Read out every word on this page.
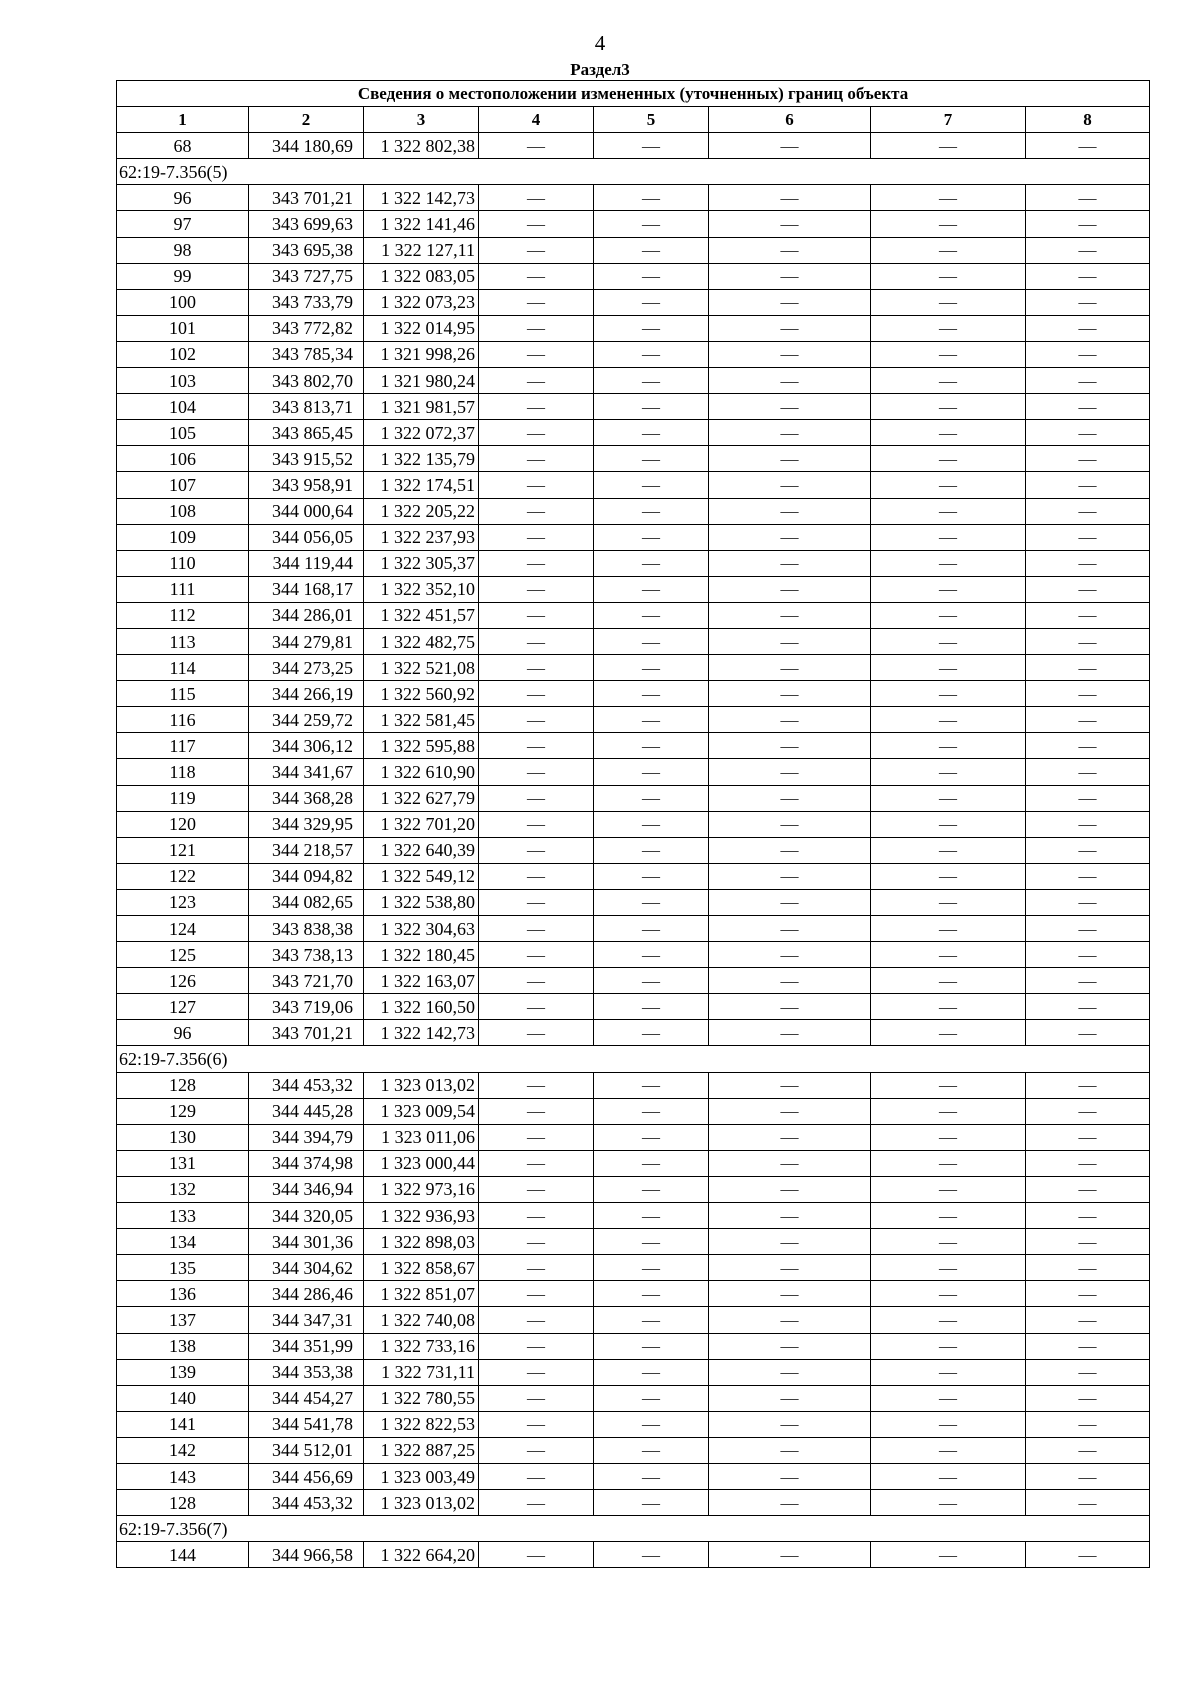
4
Раздел3
Сведения о местоположении измененных (уточненных) границ объекта							
1	2	3	4	5	6	7	8
68	344 180,69	1 322 802,38	—	—	—	—	—
62:19-7.356(5)							
96	343 701,21	1 322 142,73	—	—	—	—	—
97	343 699,63	1 322 141,46	—	—	—	—	—
98	343 695,38	1 322 127,11	—	—	—	—	—
99	343 727,75	1 322 083,05	—	—	—	—	—
100	343 733,79	1 322 073,23	—	—	—	—	—
101	343 772,82	1 322 014,95	—	—	—	—	—
102	343 785,34	1 321 998,26	—	—	—	—	—
103	343 802,70	1 321 980,24	—	—	—	—	—
104	343 813,71	1 321 981,57	—	—	—	—	—
105	343 865,45	1 322 072,37	—	—	—	—	—
106	343 915,52	1 322 135,79	—	—	—	—	—
107	343 958,91	1 322 174,51	—	—	—	—	—
108	344 000,64	1 322 205,22	—	—	—	—	—
109	344 056,05	1 322 237,93	—	—	—	—	—
110	344 119,44	1 322 305,37	—	—	—	—	—
111	344 168,17	1 322 352,10	—	—	—	—	—
112	344 286,01	1 322 451,57	—	—	—	—	—
113	344 279,81	1 322 482,75	—	—	—	—	—
114	344 273,25	1 322 521,08	—	—	—	—	—
115	344 266,19	1 322 560,92	—	—	—	—	—
116	344 259,72	1 322 581,45	—	—	—	—	—
117	344 306,12	1 322 595,88	—	—	—	—	—
118	344 341,67	1 322 610,90	—	—	—	—	—
119	344 368,28	1 322 627,79	—	—	—	—	—
120	344 329,95	1 322 701,20	—	—	—	—	—
121	344 218,57	1 322 640,39	—	—	—	—	—
122	344 094,82	1 322 549,12	—	—	—	—	—
123	344 082,65	1 322 538,80	—	—	—	—	—
124	343 838,38	1 322 304,63	—	—	—	—	—
125	343 738,13	1 322 180,45	—	—	—	—	—
126	343 721,70	1 322 163,07	—	—	—	—	—
127	343 719,06	1 322 160,50	—	—	—	—	—
96	343 701,21	1 322 142,73	—	—	—	—	—
62:19-7.356(6)							
128	344 453,32	1 323 013,02	—	—	—	—	—
129	344 445,28	1 323 009,54	—	—	—	—	—
130	344 394,79	1 323 011,06	—	—	—	—	—
131	344 374,98	1 323 000,44	—	—	—	—	—
132	344 346,94	1 322 973,16	—	—	—	—	—
133	344 320,05	1 322 936,93	—	—	—	—	—
134	344 301,36	1 322 898,03	—	—	—	—	—
135	344 304,62	1 322 858,67	—	—	—	—	—
136	344 286,46	1 322 851,07	—	—	—	—	—
137	344 347,31	1 322 740,08	—	—	—	—	—
138	344 351,99	1 322 733,16	—	—	—	—	—
139	344 353,38	1 322 731,11	—	—	—	—	—
140	344 454,27	1 322 780,55	—	—	—	—	—
141	344 541,78	1 322 822,53	—	—	—	—	—
142	344 512,01	1 322 887,25	—	—	—	—	—
143	344 456,69	1 323 003,49	—	—	—	—	—
128	344 453,32	1 323 013,02	—	—	—	—	—
62:19-7.356(7)							
144	344 966,58	1 322 664,20	—	—	—	—	—
